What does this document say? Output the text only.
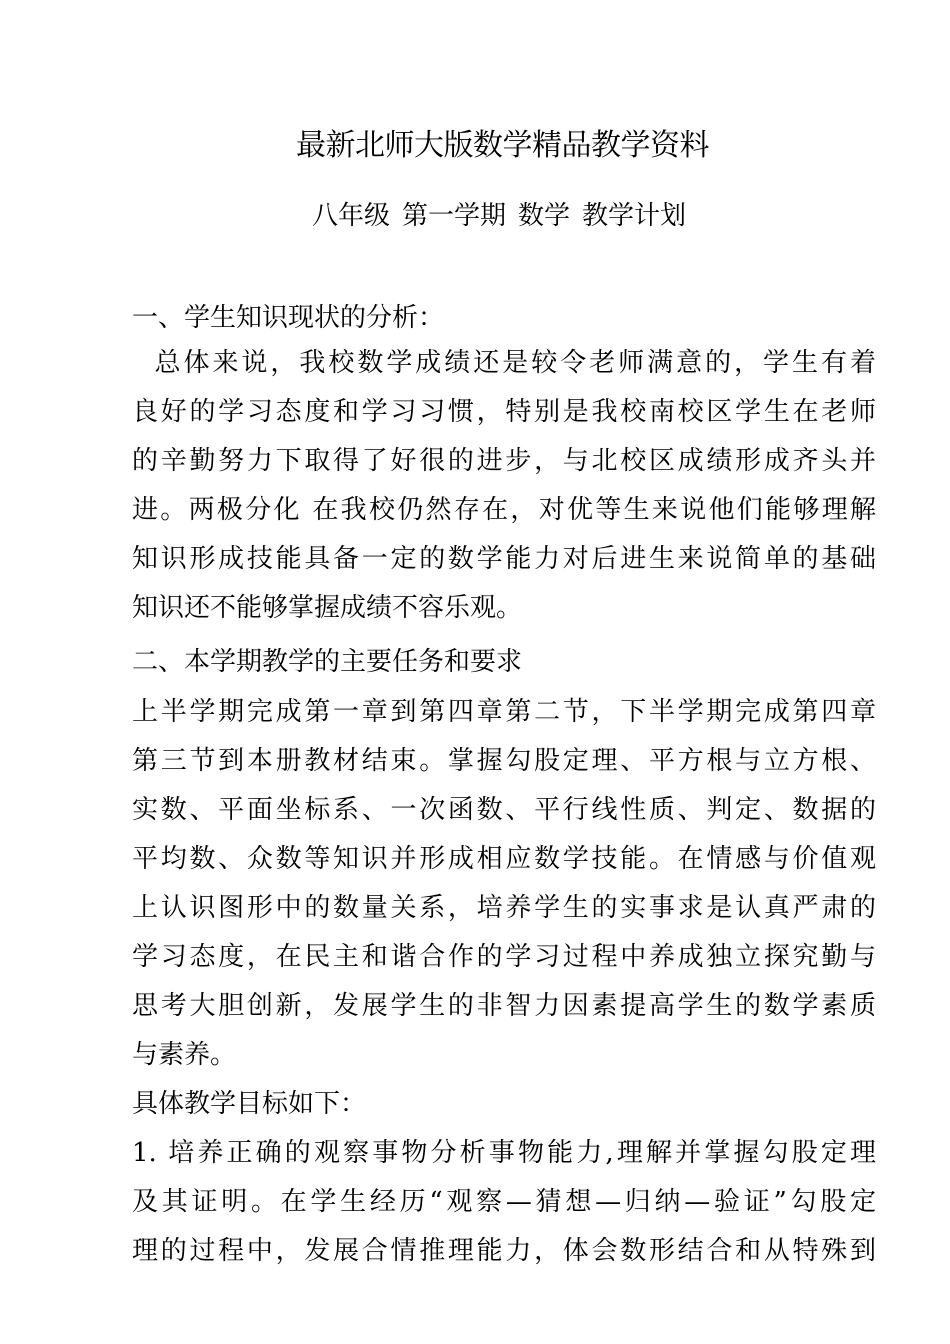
最新北师大版数学精品教学资料
八年级 第一学期 数学 教学计划
一、学生知识现状的分析：
总体来说，我校数学成绩还是较令老师满意的，学生有着
良好的学习态度和学习习惯，特别是我校南校区学生在老师
的辛勤努力下取得了好很的进步，与北校区成绩形成齐头并
进。两极分化 在我校仍然存在，对优等生来说他们能够理解
知识形成技能具备一定的数学能力对后进生来说简单的基础
知识还不能够掌握成绩不容乐观。
二、本学期教学的主要任务和要求
上半学期完成第一章到第四章第二节，下半学期完成第四章
第三节到本册教材结束。掌握勾股定理、平方根与立方根、
实数、平面坐标系、一次函数、平行线性质、判定、数据的
平均数、众数等知识并形成相应数学技能。在情感与价值观
上认识图形中的数量关系，培养学生的实事求是认真严肃的
学习态度，在民主和谐合作的学习过程中养成独立探究勤与
思考大胆创新，发展学生的非智力因素提高学生的数学素质
与素养。
具体教学目标如下：
1. 培养正确的观察事物分析事物能力,理解并掌握勾股定理
及其证明。在学生经历“观察—猜想—归纳—验证”勾股定
理的过程中，发展合情推理能力，体会数形结合和从特殊到
